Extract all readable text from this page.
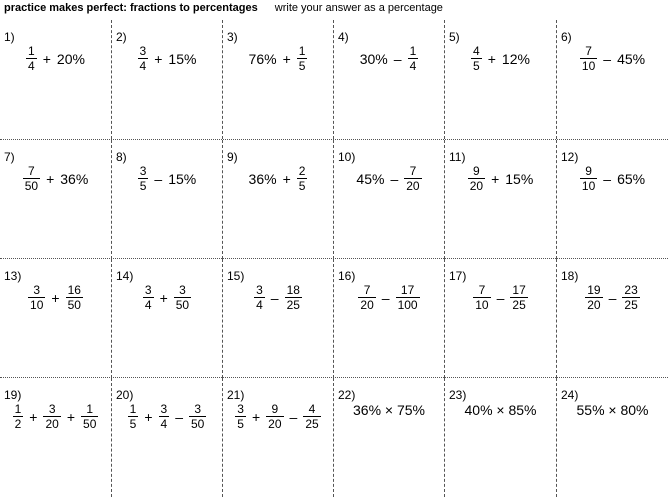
practice makes perfect: fractions to percentages write your answer as a percentage
1)
$\frac{1}{4} + 20\%$
2)
$\frac{3}{4} + 15\%$
3)
$76\% + \frac{1}{5}$
4)
$30\% - \frac{1}{4}$
5)
$\frac{4}{5} + 12\%$
6)
$\frac{7}{10} - 45\%$
7)
$\frac{7}{50} + 36\%$
8)
$\frac{3}{5} - 15\%$
9)
$36\% + \frac{2}{5}$
10)
$45\% - \frac{7}{20}$
11)
$\frac{9}{20} + 15\%$
12)
$\frac{9}{10} - 65\%$
13)
$\frac{3}{10} + \frac{16}{50}$
14)
$\frac{3}{4} + \frac{3}{50}$
15)
$\frac{3}{4} - \frac{18}{25}$
16)
$\frac{7}{20} - \frac{17}{100}$
17)
$\frac{7}{10} - \frac{17}{25}$
18)
$\frac{19}{20} - \frac{23}{25}$
19)
$\frac{1}{2} + \frac{3}{20} + \frac{1}{50}$
20)
$\frac{1}{5} + \frac{3}{4} - \frac{3}{50}$
21)
$\frac{3}{5} + \frac{9}{20} - \frac{4}{25}$
22)
36% × 75%
23)
40% × 85%
24)
55% × 80%
